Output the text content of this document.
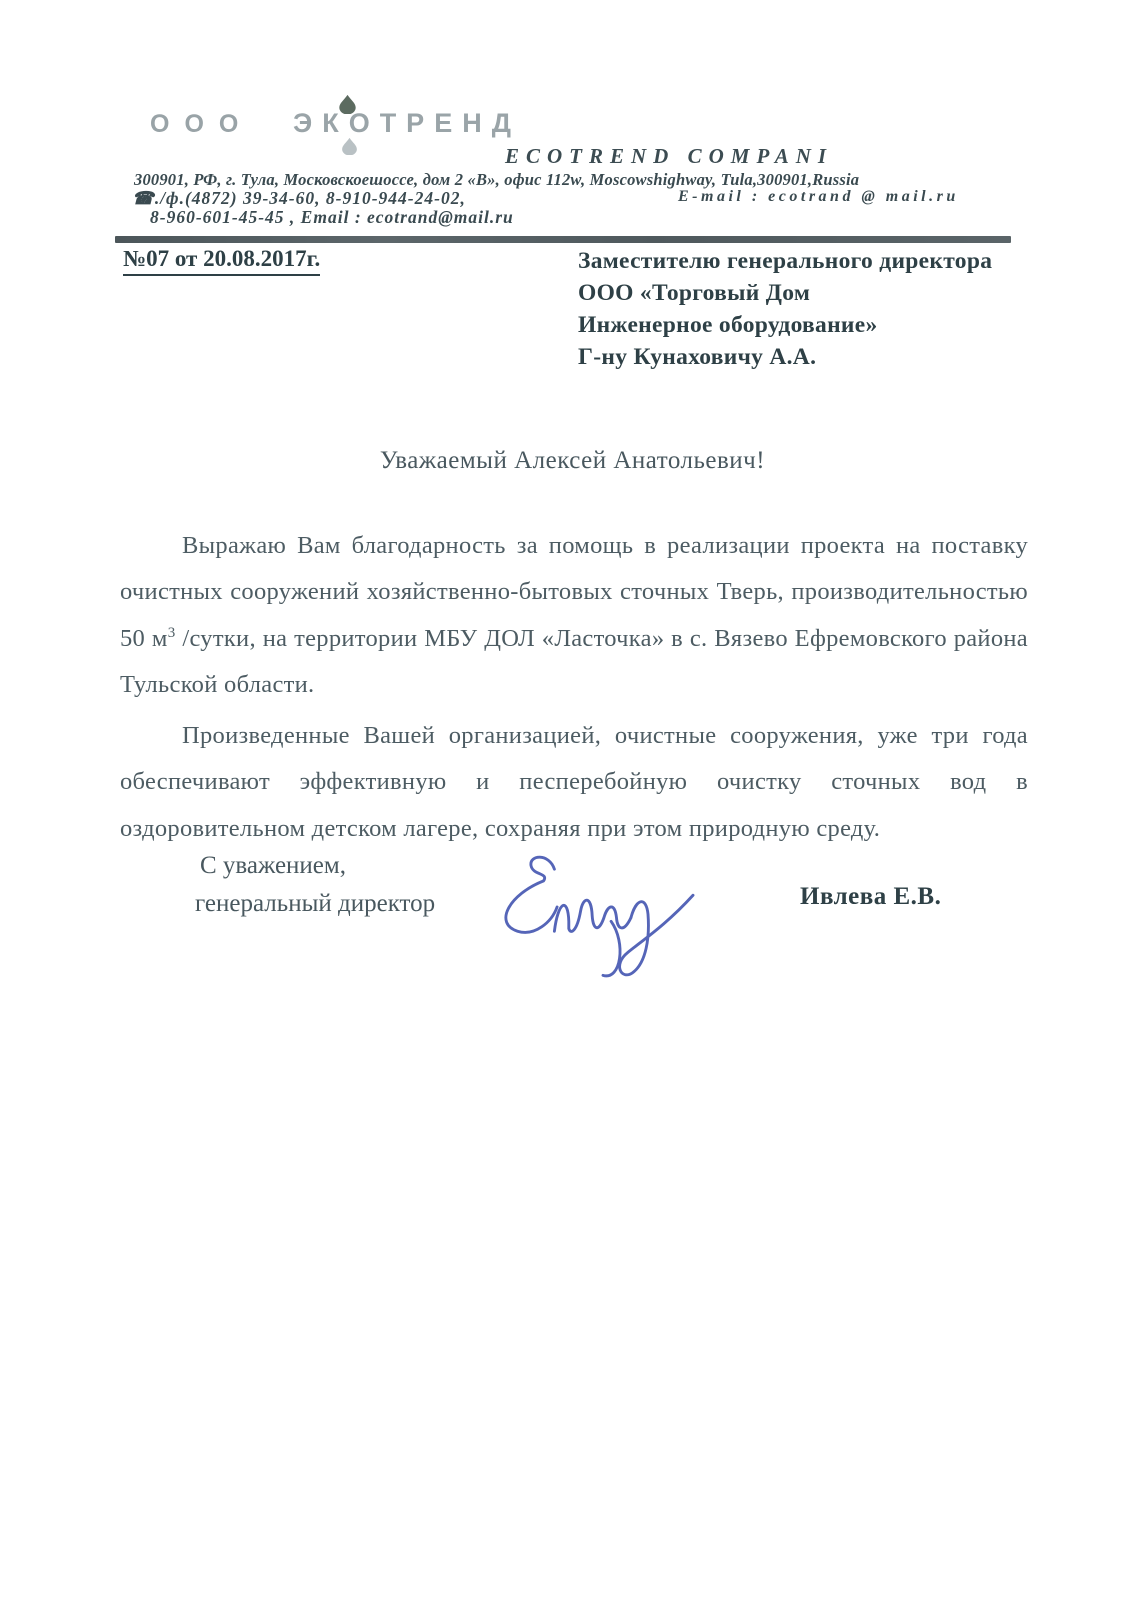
ООО ЭКОТРЕНД
ECOTREND COMPANI
300901, РФ, г. Тула, Московскоешоссе, дом 2 «В», офис 112w, Moscowshighway, Tula,300901,Russia
☎./ф.(4872) 39-34-60, 8-910-944-24-02,	E-mail : ecotrand @ mail.ru
8-960-601-45-45 , Email : ecotrand@mail.ru
№07 от 20.08.2017г.	Заместителю генерального директора
ООО «Торговый Дом
Инженерное оборудование»
Г-ну Кунаховичу А.А.
Уважаемый Алексей Анатольевич!

Выражаю Вам благодарность за помощь в реализации проекта на поставку очистных сооружений хозяйственно-бытовых сточных Тверь, производительностью 50 $м^3$ /сутки, на территории МБУ ДОЛ «Ласточка» в с. Вязево Ефремовского района Тульской области.

Произведенные Вашей организацией, очистные сооружения, уже три года обеспечивают эффективную и песперебойную очистку сточных вод в оздоровительном детском лагере, сохраняя при этом природную среду.

С уважением,
генеральный директор	Ивлева Е.В.
